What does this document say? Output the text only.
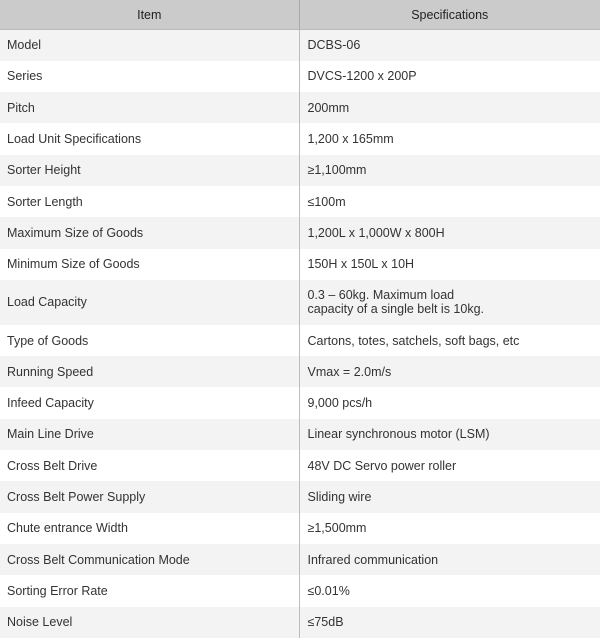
Item	Specifications
Model	DCBS-06
Series	DVCS-1200 x 200P
Pitch	200mm
Load Unit Specifications	1,200 x 165mm
Sorter Height	≥1,100mm
Sorter Length	≤100m
Maximum Size of Goods	1,200L x 1,000W x 800H
Minimum Size of Goods	150H x 150L x 10H
Load Capacity	0.3 – 60kg. Maximum load
capacity of a single belt is 10kg.

Type of Goods	Cartons, totes, satchels, soft bags, etc
Running Speed	Vmax = 2.0m/s
Infeed Capacity	9,000 pcs/h
Main Line Drive	Linear synchronous motor (LSM)
Cross Belt Drive	48V DC Servo power roller
Cross Belt Power Supply	Sliding wire
Chute entrance Width	≥1,500mm
Cross Belt Communication Mode	Infrared communication
Sorting Error Rate	≤0.01%
Noise Level	≤75dB
